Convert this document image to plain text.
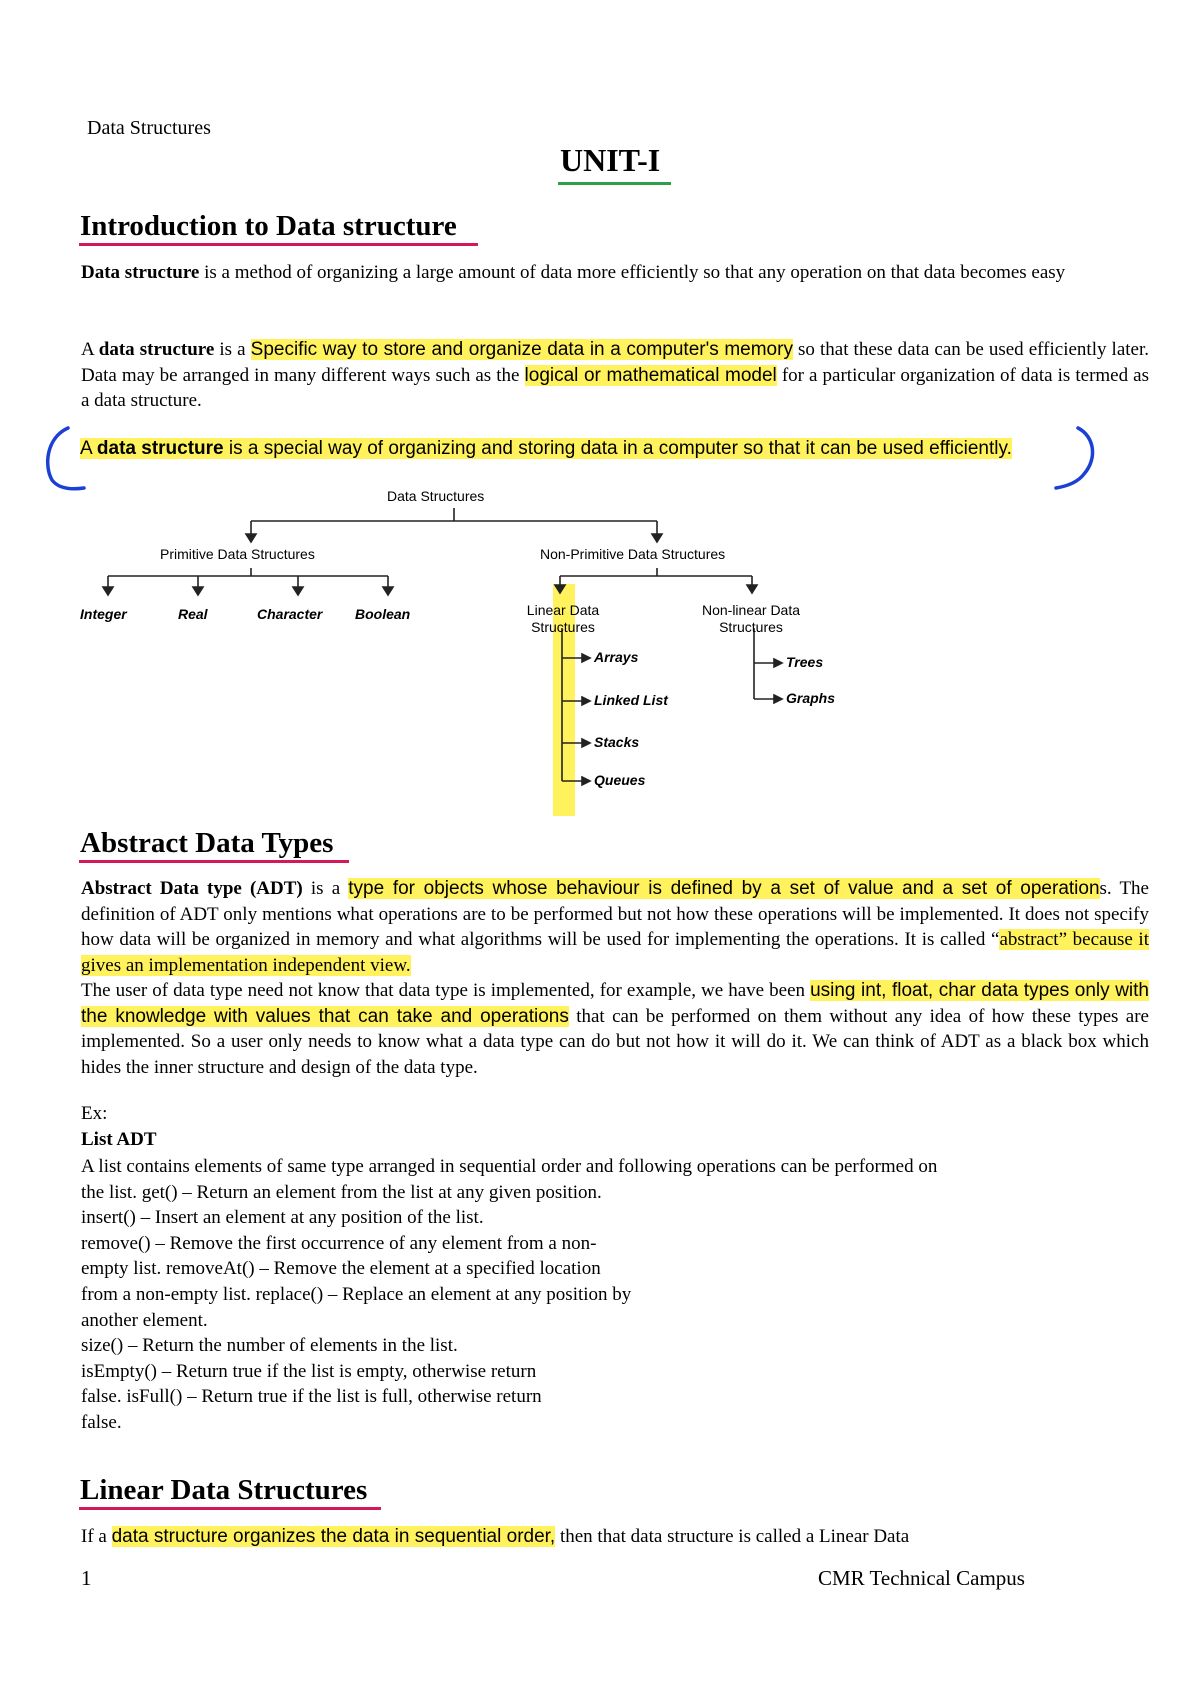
Data Structures
UNIT-I
Introduction to Data structure
Data structure is a method of organizing a large amount of data more efficiently so that any operation on that data becomes easy
A data structure is a Specific way to store and organize data in a computer's memory so that these data can be used efficiently later. Data may be arranged in many different ways such as the logical or mathematical model for a particular organization of data is termed as a data structure.
A data structure is a special way of organizing and storing data in a computer so that it can be used efficiently.
Data Structures
Primitive Data Structures	Non-Primitive Data Structures
Integer	Real	Character Boolean	Linear Data
Structures
Non-linear Data
Structures
Arrays
Linked List
Stacks
Queues
Trees
Graphs
Abstract Data Types
Abstract Data type (ADT) is a type for objects whose behaviour is defined by a set of value and a set of operations. The definition of ADT only mentions what operations are to be performed but not how these operations will be implemented. It does not specify how data will be organized in memory and what algorithms will be used for implementing the operations. It is called “abstract” because it gives an implementation independent view.
The user of data type need not know that data type is implemented, for example, we have been using int, float, char data types only with the knowledge with values that can take and operations that can be performed on them without any idea of how these types are implemented. So a user only needs to know what a data type can do but not how it will do it. We can think of ADT as a black box which hides the inner structure and design of the data type.
Ex:
List ADT
A list contains elements of same type arranged in sequential order and following operations can be performed on
the list. get() – Return an element from the list at any given position.
insert() – Insert an element at any position of the list.
remove() – Remove the first occurrence of any element from a non-
empty list. removeAt() – Remove the element at a specified location
from a non-empty list. replace() – Replace an element at any position by
another element.
size() – Return the number of elements in the list.
isEmpty() – Return true if the list is empty, otherwise return
false. isFull() – Return true if the list is full, otherwise return
false.
Linear Data Structures
If a data structure organizes the data in sequential order, then that data structure is called a Linear Data
1	CMR Technical Campus
